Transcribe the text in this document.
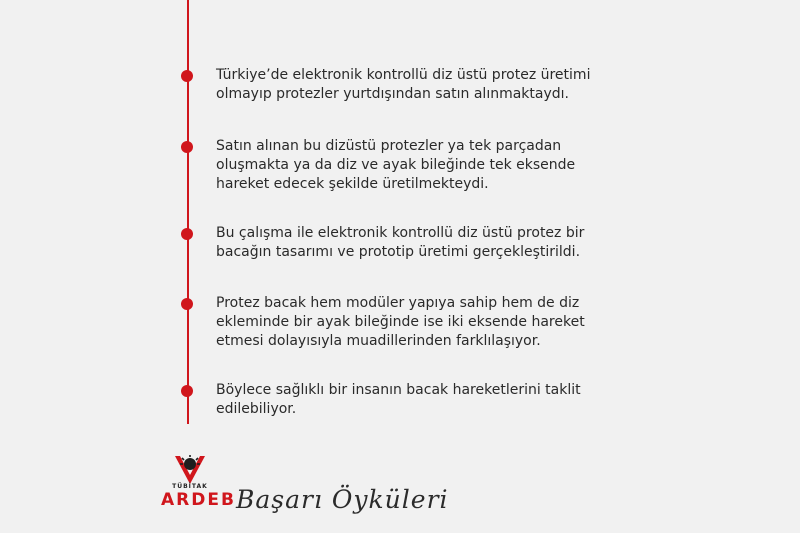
Türkiye’de elektronik kontrollü diz üstü protez üretimi olmayıp protezler yurtdışından satın alınmaktaydı.
Satın alınan bu dizüstü protezler ya tek parçadan oluşmakta ya da diz ve ayak bileğinde tek eksende hareket edecek şekilde üretilmekteydi.
Bu çalışma ile elektronik kontrollü diz üstü protez bir bacağın tasarımı ve prototip üretimi gerçekleştirildi.
Protez bacak hem modüler yapıya sahip hem de diz ekleminde bir ayak bileğinde ise iki eksende hareket etmesi dolayısıyla muadillerinden farklılaşıyor.
Böylece sağlıklı bir insanın bacak hareketlerini taklit edilebiliyor.
TÜBİTAK
ARDEB Başarı Öyküleri
